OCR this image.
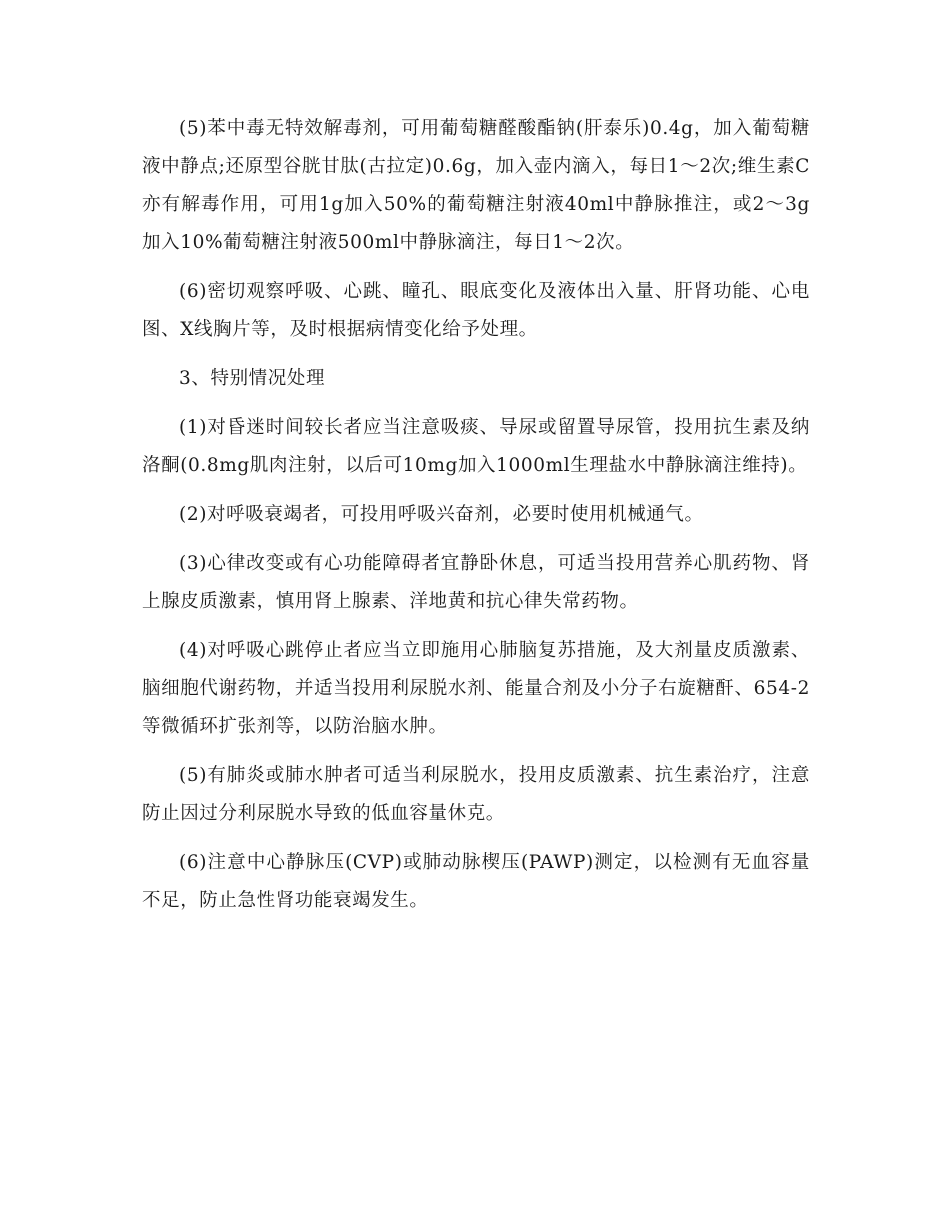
(5)苯中毒无特效解毒剂，可用葡萄糖醛酸酯钠(肝泰乐)0.4g，加入葡萄糖液中静点;还原型谷胱甘肽(古拉定)0.6g，加入壶内滴入，每日1～2次;维生素C亦有解毒作用，可用1g加入50%的葡萄糖注射液40ml中静脉推注，或2～3g加入10%葡萄糖注射液500ml中静脉滴注，每日1～2次。

(6)密切观察呼吸、心跳、瞳孔、眼底变化及液体出入量、肝肾功能、心电图、X线胸片等，及时根据病情变化给予处理。

3、特别情况处理

(1)对昏迷时间较长者应当注意吸痰、导尿或留置导尿管，投用抗生素及纳洛酮(0.8mg肌肉注射，以后可10mg加入1000ml生理盐水中静脉滴注维持)。

(2)对呼吸衰竭者，可投用呼吸兴奋剂，必要时使用机械通气。

(3)心律改变或有心功能障碍者宜静卧休息，可适当投用营养心肌药物、肾上腺皮质激素，慎用肾上腺素、洋地黄和抗心律失常药物。

(4)对呼吸心跳停止者应当立即施用心肺脑复苏措施，及大剂量皮质激素、脑细胞代谢药物，并适当投用利尿脱水剂、能量合剂及小分子右旋糖酐、654-2等微循环扩张剂等，以防治脑水肿。

(5)有肺炎或肺水肿者可适当利尿脱水，投用皮质激素、抗生素治疗，注意防止因过分利尿脱水导致的低血容量休克。

(6)注意中心静脉压(CVP)或肺动脉楔压(PAWP)测定，以检测有无血容量不足，防止急性肾功能衰竭发生。
